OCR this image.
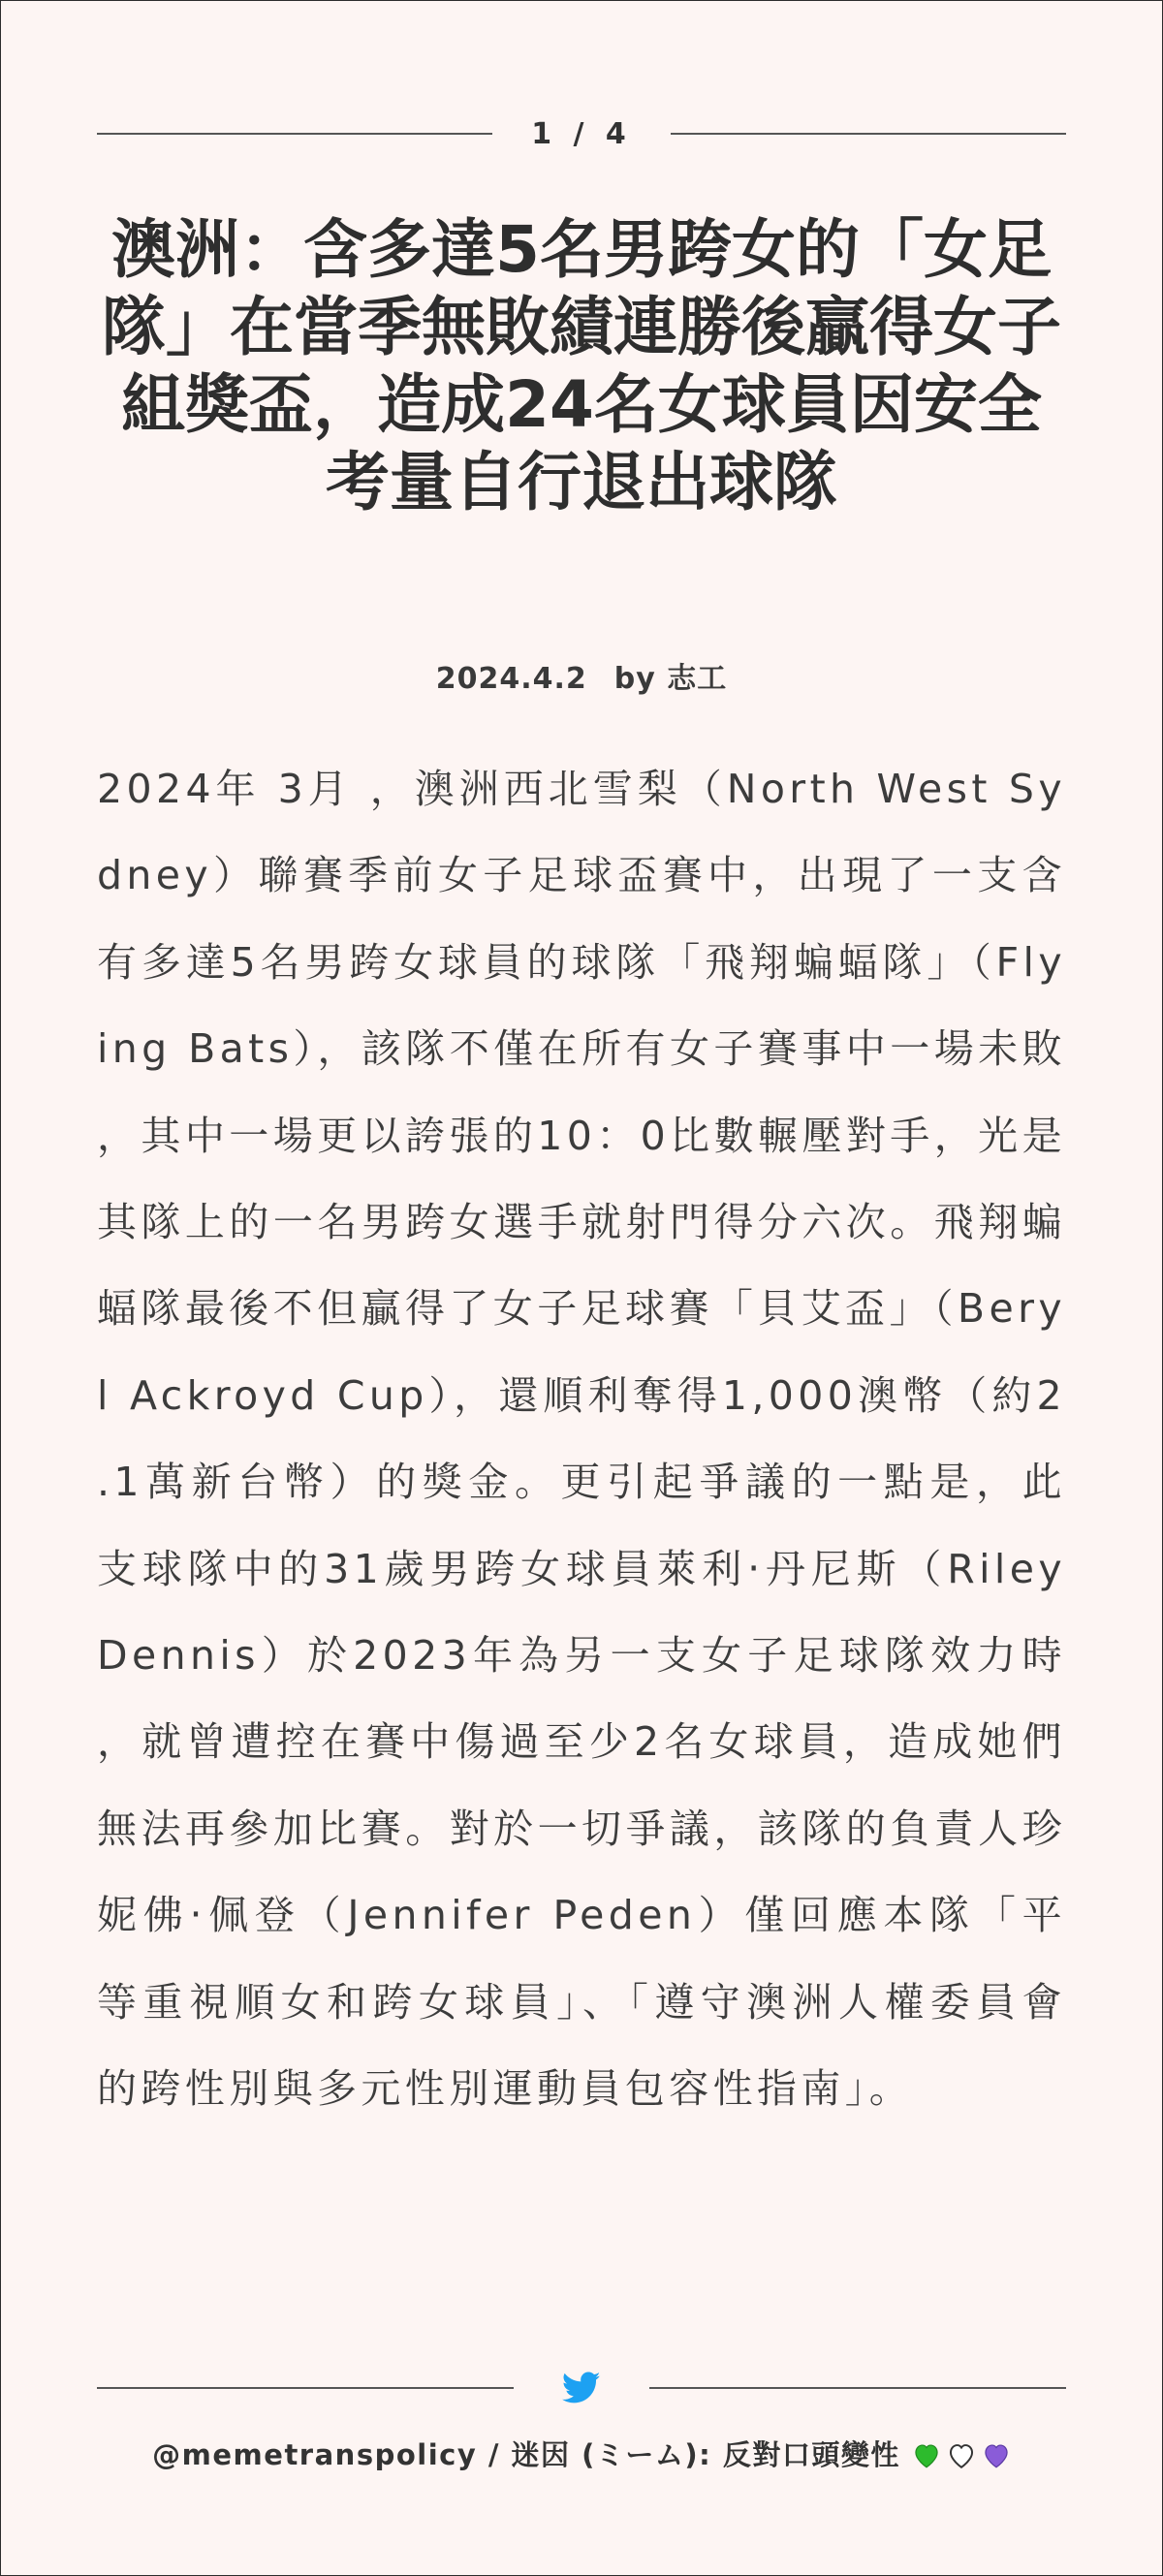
1 / 4
澳洲：含多達5名男跨女的「女足隊」在當季無敗績連勝後贏得女子組獎盃，造成24名女球員因安全考量自行退出球隊
2024.4.2 by 志工

2024年 3月 ，澳洲西北雪梨（North West Sydney）聯賽季前女子足球盃賽中，出現了一支含有多達5名男跨女球員的球隊「飛翔蝙蝠隊」（Flying Bats），該隊不僅在所有女子賽事中一場未敗，其中一場更以誇張的10：0比數輾壓對手，光是其隊上的一名男跨女選手就射門得分六次。飛翔蝙蝠隊最後不但贏得了女子足球賽「貝艾盃」（Beryl Ackroyd Cup），還順利奪得1,000澳幣（約2.1萬新台幣）的獎金。更引起爭議的一點是，此支球隊中的31歲男跨女球員萊利‧丹尼斯（Riley Dennis）於2023年為另一支女子足球隊效力時，就曾遭控在賽中傷過至少2名女球員，造成她們無法再參加比賽。對於一切爭議，該隊的負責人珍妮佛‧佩登（Jennifer Peden）僅回應本隊「平等重視順女和跨女球員」、「遵守澳洲人權委員會的跨性別與多元性別運動員包容性指南」。

@memetranspolicy / 迷因 (ミーム): 反對口頭變性
